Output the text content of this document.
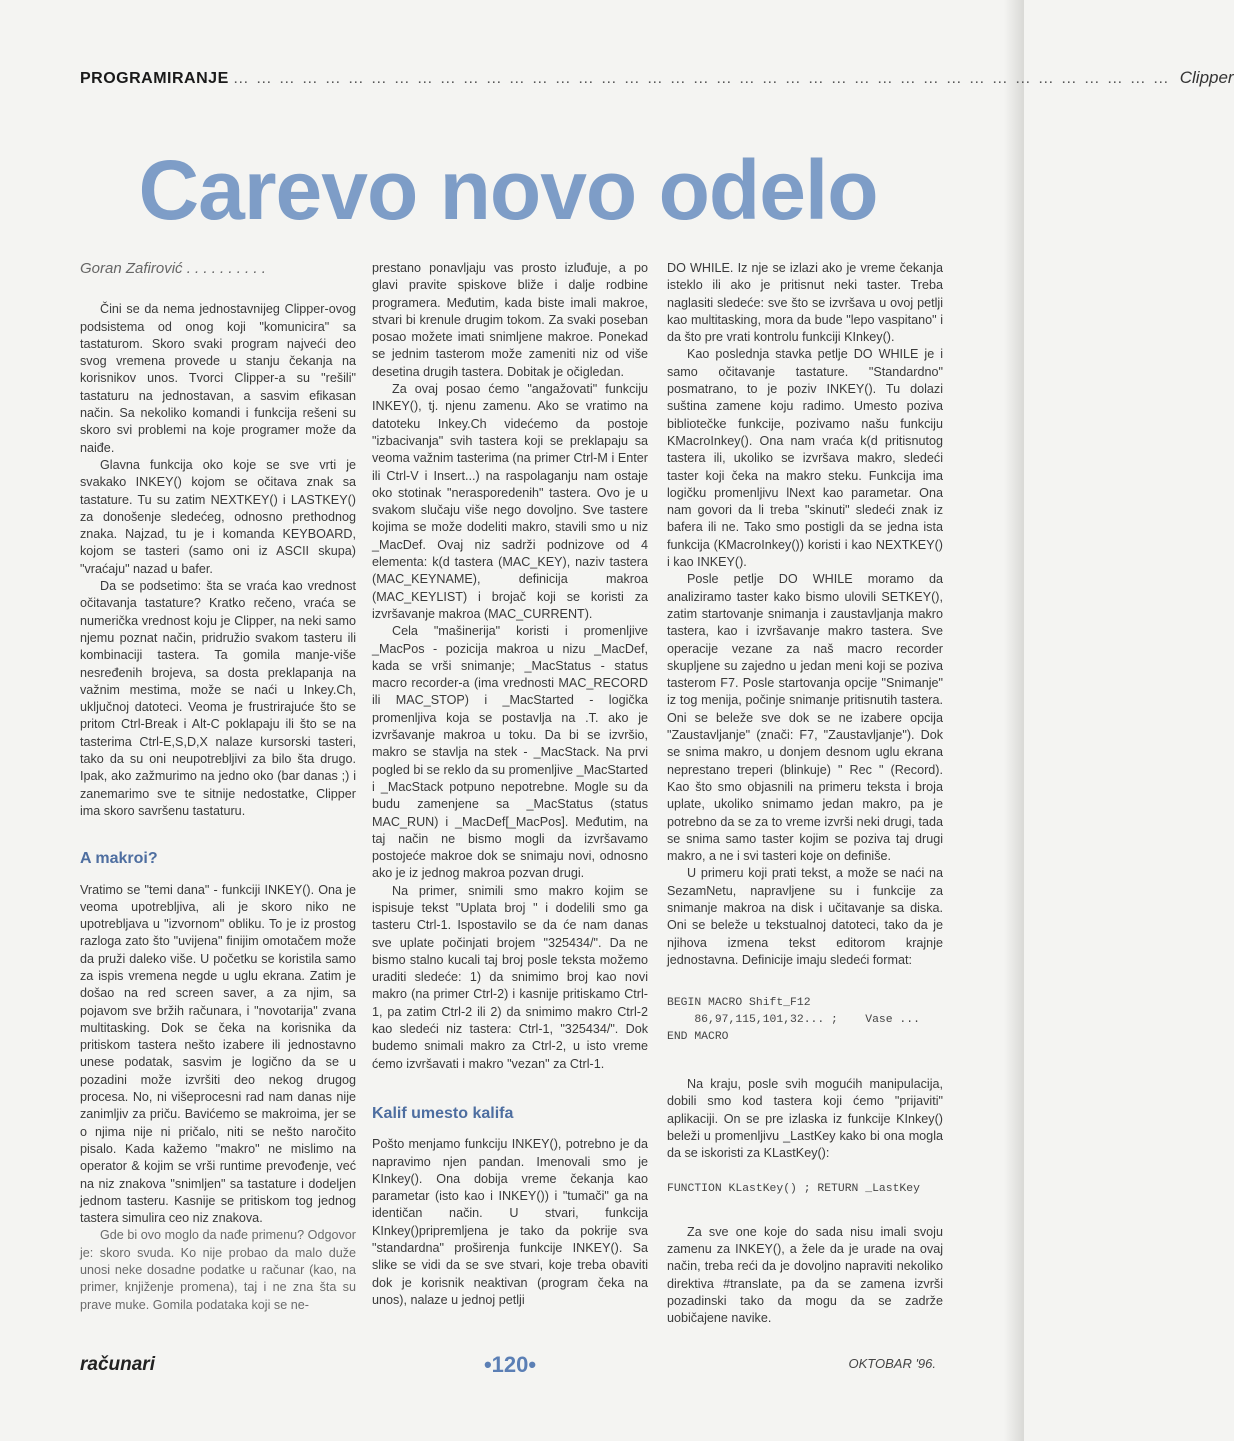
PROGRAMIRANJE …………………………………………………………………………………………………………… Clipper
Carevo novo odelo
Goran Zafirović . . . . . . . . . .

Čini se da nema jednostavnijeg Clipper-ovog podsistema od onog koji "komunicira" sa tastaturom. Skoro svaki program najveći deo svog vremena provede u stanju čekanja na korisnikov unos. Tvorci Clipper-a su "rešili" tastaturu na jednostavan, a sasvim efikasan način. Sa nekoliko komandi i funkcija rešeni su skoro svi problemi na koje programer može da naiđe.

Glavna funkcija oko koje se sve vrti je svakako INKEY() kojom se očitava znak sa tastature. Tu su zatim NEXTKEY() i LASTKEY() za donošenje sledećeg, odnosno prethodnog znaka. Najzad, tu je i komanda KEYBOARD, kojom se tasteri (samo oni iz ASCII skupa) "vraćaju" nazad u bafer.

Da se podsetimo: šta se vraća kao vrednost očitavanja tastature? Kratko rečeno, vraća se numerička vrednost koju je Clipper, na neki samo njemu poznat način, pridružio svakom tasteru ili kombinaciji tastera. Ta gomila manje-više nesređenih brojeva, sa dosta preklapanja na važnim mestima, može se naći u Inkey.Ch, uključnoj datoteci. Veoma je frustrirajuće što se pritom Ctrl-Break i Alt-C poklapaju ili što se na tasterima Ctrl-E,S,D,X nalaze kursorski tasteri, tako da su oni neupotrebljivi za bilo šta drugo. Ipak, ako zažmurimo na jedno oko (bar danas ;) i zanemarimo sve te sitnije nedostatke, Clipper ima skoro savršenu tastaturu.

A makroi?

Vratimo se "temi dana" - funkciji INKEY(). Ona je veoma upotrebljiva, ali je skoro niko ne upotrebljava u "izvornom" obliku. To je iz prostog razloga zato što "uvijena" finijim omotačem može da pruži daleko više. U početku se koristila samo za ispis vremena negde u uglu ekrana. Zatim je došao na red screen saver, a za njim, sa pojavom sve bržih računara, i "novotarija" zvana multitasking. Dok se čeka na korisnika da pritiskom tastera nešto izabere ili jednostavno unese podatak, sasvim je logično da se u pozadini može izvršiti deo nekog drugog procesa. No, ni višeprocesni rad nam danas nije zanimljiv za priču. Bavićemo se makroima, jer se o njima nije ni pričalo, niti se nešto naročito pisalo. Kada kažemo "makro" ne mislimo na operator & kojim se vrši runtime prevođenje, već na niz znakova "snimljen" sa tastature i dodeljen jednom tasteru. Kasnije se pritiskom tog jednog tastera simulira ceo niz znakova.

Gde bi ovo moglo da nađe primenu? Odgovor je: skoro svuda. Ko nije probao da malo duže unosi neke dosadne podatke u računar (kao, na primer, knjiženje promena), taj i ne zna šta su prave muke. Gomila podataka koji se ne-

prestano ponavljaju vas prosto izluđuje, a po glavi pravite spiskove bliže i dalje rodbine programera. Međutim, kada biste imali makroe, stvari bi krenule drugim tokom. Za svaki poseban posao možete imati snimljene makroe. Ponekad se jednim tasterom može zameniti niz od više desetina drugih tastera. Dobitak je očigledan.

Za ovaj posao ćemo "angažovati" funkciju INKEY(), tj. njenu zamenu. Ako se vratimo na datoteku Inkey.Ch videćemo da postoje "izbacivanja" svih tastera koji se preklapaju sa veoma važnim tasterima (na primer Ctrl-M i Enter ili Ctrl-V i Insert...) na raspolaganju nam ostaje oko stotinak "nerasporedenih" tastera. Ovo je u svakom slučaju više nego dovoljno. Sve tastere kojima se može dodeliti makro, stavili smo u niz _MacDef. Ovaj niz sadrži podnizove od 4 elementa: k(d tastera (MAC_KEY), naziv tastera (MAC_KEYNAME), definicija makroa (MAC_KEYLIST) i brojač koji se koristi za izvršavanje makroa (MAC_CURRENT).

Cela "mašinerija" koristi i promenljive _MacPos - pozicija makroa u nizu _MacDef, kada se vrši snimanje; _MacStatus - status macro recorder-a (ima vrednosti MAC_RECORD ili MAC_STOP) i _MacStarted - logička promenljiva koja se postavlja na .T. ako je izvršavanje makroa u toku. Da bi se izvršio, makro se stavlja na stek - _MacStack. Na prvi pogled bi se reklo da su promenljive _MacStarted i _MacStack potpuno nepotrebne. Mogle su da budu zamenjene sa _MacStatus (status MAC_RUN) i _MacDef[_MacPos]. Međutim, na taj način ne bismo mogli da izvršavamo postojeće makroe dok se snimaju novi, odnosno ako je iz jednog makroa pozvan drugi.

Na primer, snimili smo makro kojim se ispisuje tekst "Uplata broj " i dodelili smo ga tasteru Ctrl-1. Ispostavilo se da će nam danas sve uplate počinjati brojem "325434/". Da ne bismo stalno kucali taj broj posle teksta možemo uraditi sledeće: 1) da snimimo broj kao novi makro (na primer Ctrl-2) i kasnije pritiskamo Ctrl-1, pa zatim Ctrl-2 ili 2) da snimimo makro Ctrl-2 kao sledeći niz tastera: Ctrl-1, "325434/". Dok budemo snimali makro za Ctrl-2, u isto vreme ćemo izvršavati i makro "vezan" za Ctrl-1.

Kalif umesto kalifa

Pošto menjamo funkciju INKEY(), potrebno je da napravimo njen pandan. Imenovali smo je KInkey(). Ona dobija vreme čekanja kao parametar (isto kao i INKEY()) i "tumači" ga na identičan način. U stvari, funkcija KInkey()pripremljena je tako da pokrije sva "standardna" proširenja funkcije INKEY(). Sa slike se vidi da se sve stvari, koje treba obaviti dok je korisnik neaktivan (program čeka na unos), nalaze u jednoj petlji

DO WHILE. Iz nje se izlazi ako je vreme čekanja isteklo ili ako je pritisnut neki taster. Treba naglasiti sledeće: sve što se izvršava u ovoj petlji kao multitasking, mora da bude "lepo vaspitano" i da što pre vrati kontrolu funkciji KInkey().

Kao poslednja stavka petlje DO WHILE je i samo očitavanje tastature. "Standardno" posmatrano, to je poziv INKEY(). Tu dolazi suština zamene koju radimo. Umesto poziva bibliotečke funkcije, pozivamo našu funkciju KMacroInkey(). Ona nam vraća k(d pritisnutog tastera ili, ukoliko se izvršava makro, sledeći taster koji čeka na makro steku. Funkcija ima logičku promenljivu lNext kao parametar. Ona nam govori da li treba "skinuti" sledeći znak iz bafera ili ne. Tako smo postigli da se jedna ista funkcija (KMacroInkey()) koristi i kao NEXTKEY() i kao INKEY().

Posle petlje DO WHILE moramo da analiziramo taster kako bismo ulovili SETKEY(), zatim startovanje snimanja i zaustavljanja makro tastera, kao i izvršavanje makro tastera. Sve operacije vezane za naš macro recorder skupljene su zajedno u jedan meni koji se poziva tasterom F7. Posle startovanja opcije "Snimanje" iz tog menija, počinje snimanje pritisnutih tastera. Oni se beleže sve dok se ne izabere opcija "Zaustavljanje" (znači: F7, "Zaustavljanje"). Dok se snima makro, u donjem desnom uglu ekrana neprestano treperi (blinkuje) " Rec " (Record). Kao što smo objasnili na primeru teksta i broja uplate, ukoliko snimamo jedan makro, pa je potrebno da se za to vreme izvrši neki drugi, tada se snima samo taster kojim se poziva taj drugi makro, a ne i svi tasteri koje on definiše.

U primeru koji prati tekst, a može se naći na SezamNetu, napravljene su i funkcije za snimanje makroa na disk i učitavanje sa diska. Oni se beleže u tekstualnoj datoteci, tako da je njihova izmena tekst editorom krajnje jednostavna. Definicije imaju sledeći format:

BEGIN MACRO Shift_F12
86,97,115,101,32... ;    Vase ...
END MACRO

Na kraju, posle svih mogućih manipulacija, dobili smo kod tastera koji ćemo "prijaviti" aplikaciji. On se pre izlaska iz funkcije KInkey() beleži u promenljivu _LastKey kako bi ona mogla da se iskoristi za KLastKey():

FUNCTION KLastKey() ; RETURN _LastKey

Za sve one koje do sada nisu imali svoju zamenu za INKEY(), a žele da je urade na ovaj način, treba reći da je dovoljno napraviti nekoliko direktiva #translate, pa da se zamena izvrši pozadinski tako da mogu da se zadrže uobičajene navike.

računari	•120•	OKTOBAR '96.
